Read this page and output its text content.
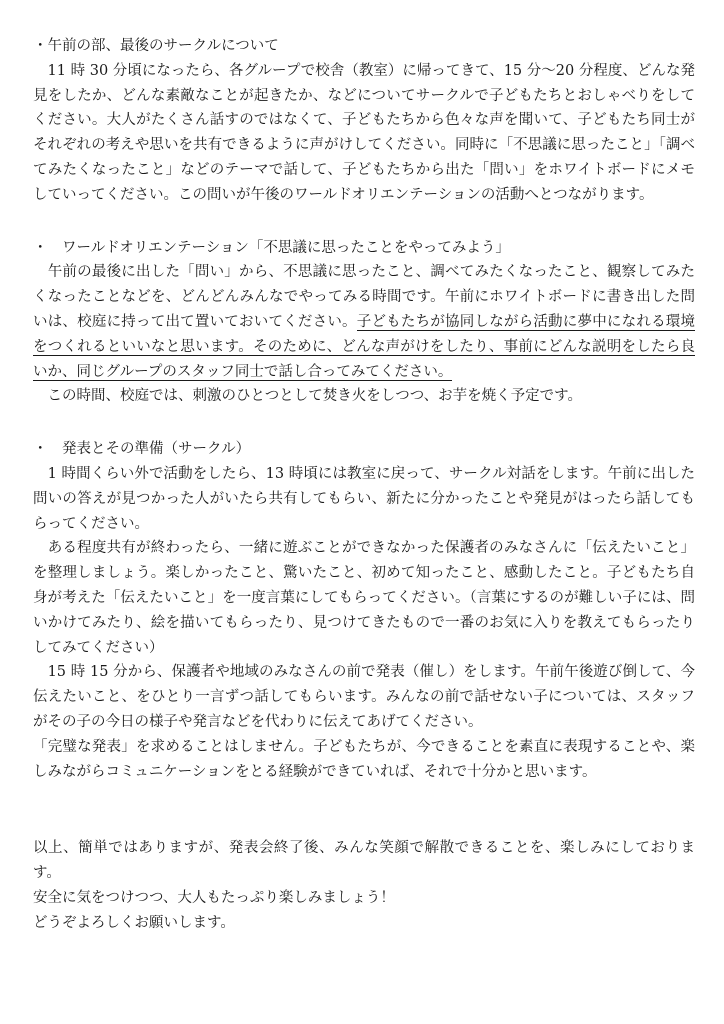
・午前の部、最後のサークルについて

　11 時 30 分頃になったら、各グループで校舎（教室）に帰ってきて、15 分〜20 分程度、どんな発見をしたか、どんな素敵なことが起きたか、などについてサークルで子どもたちとおしゃべりをしてください。大人がたくさん話すのではなくて、子どもたちから色々な声を聞いて、子どもたち同士がそれぞれの考えや思いを共有できるように声がけしてください。同時に「不思議に思ったこと」「調べてみたくなったこと」などのテーマで話して、子どもたちから出た「問い」をホワイトボードにメモしていってください。この問いが午後のワールドオリエンテーションの活動へとつながります。

・　ワールドオリエンテーション「不思議に思ったことをやってみよう」

　午前の最後に出した「問い」から、不思議に思ったこと、調べてみたくなったこと、観察してみたくなったことなどを、どんどんみんなでやってみる時間です。午前にホワイトボードに書き出した問いは、校庭に持って出て置いておいてください。子どもたちが協同しながら活動に夢中になれる環境をつくれるといいなと思います。そのために、どんな声がけをしたり、事前にどんな説明をしたら良いか、同じグループのスタッフ同士で話し合ってみてください。

　この時間、校庭では、刺激のひとつとして焚き火をしつつ、お芋を焼く予定です。

・　発表とその準備（サークル）

　1 時間くらい外で活動をしたら、13 時頃には教室に戻って、サークル対話をします。午前に出した問いの答えが見つかった人がいたら共有してもらい、新たに分かったことや発見がはったら話してもらってください。

　ある程度共有が終わったら、一緒に遊ぶことができなかった保護者のみなさんに「伝えたいこと」を整理しましょう。楽しかったこと、驚いたこと、初めて知ったこと、感動したこと。子どもたち自身が考えた「伝えたいこと」を一度言葉にしてもらってください。（言葉にするのが難しい子には、問いかけてみたり、絵を描いてもらったり、見つけてきたもので一番のお気に入りを教えてもらったりしてみてください）

　15 時 15 分から、保護者や地域のみなさんの前で発表（催し）をします。午前午後遊び倒して、今伝えたいこと、をひとり一言ずつ話してもらいます。みんなの前で話せない子については、スタッフがその子の今日の様子や発言などを代わりに伝えてあげてください。

「完璧な発表」を求めることはしません。子どもたちが、今できることを素直に表現することや、楽しみながらコミュニケーションをとる経験ができていれば、それで十分かと思います。

以上、簡単ではありますが、発表会終了後、みんな笑顔で解散できることを、楽しみにしております。

安全に気をつけつつ、大人もたっぷり楽しみましょう！

どうぞよろしくお願いします。
